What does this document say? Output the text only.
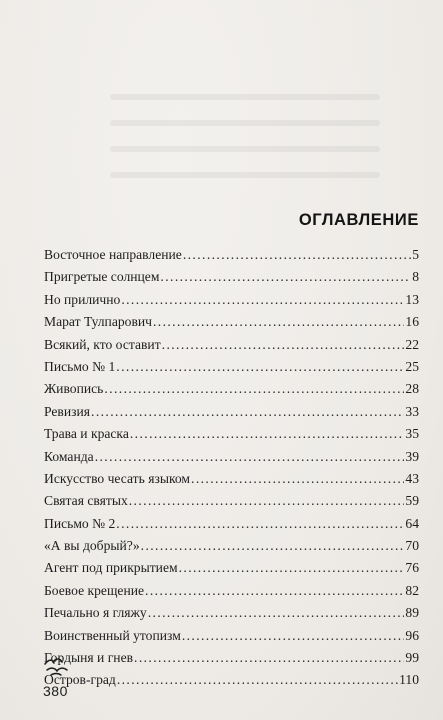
ОГЛАВЛЕНИЕ
Восточное направление .....	5
Пригретые солнцем .....	8
Но прилично .....	13
Марат Тулпарович .....	16
Всякий, кто оставит .....	22
Письмо № 1 .....	25
Живопись .....	28
Ревизия .....	33
Трава и краска .....	35
Команда .....	39
Искусство чесать языком .....	43
Святая святых .....	59
Письмо № 2 .....	64
«А вы добрый?» .....	70
Агент под прикрытием .....	76
Боевое крещение .....	82
Печально я гляжу .....	89
Воинственный утопизм .....	96
Гордыня и гнев .....	99
Остров-град .....	110
380
